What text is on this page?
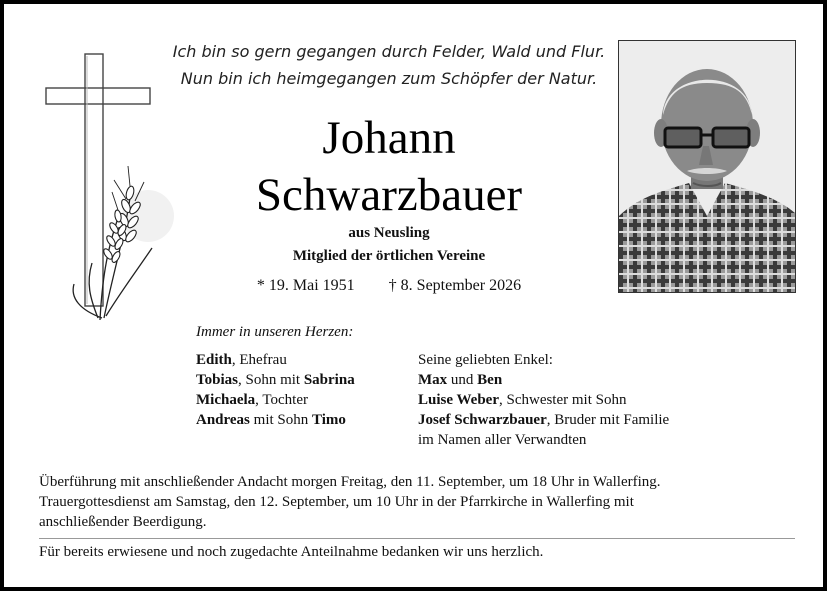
Ich bin so gern gegangen durch Felder, Wald und Flur.
Nun bin ich heimgegangen zum Schöpfer der Natur.
Johann
Schwarzbauer
aus Neusling
Mitglied der örtlichen Vereine
* 19. Mai 1951 † 8. September 2026
Immer in unseren Herzen:
Edith, Ehefrau
Tobias, Sohn mit Sabrina
Michaela, Tochter
Andreas mit Sohn Timo
Seine geliebten Enkel:
Max und Ben
Luise Weber, Schwester mit Sohn
Josef Schwarzbauer, Bruder mit Familie
im Namen aller Verwandten
Überführung mit anschließender Andacht morgen Freitag, den 11. September, um 18 Uhr in Wallerfing.
Trauergottesdienst am Samstag, den 12. September, um 10 Uhr in der Pfarrkirche in Wallerfing mit
anschließender Beerdigung.
Für bereits erwiesene und noch zugedachte Anteilnahme bedanken wir uns herzlich.
